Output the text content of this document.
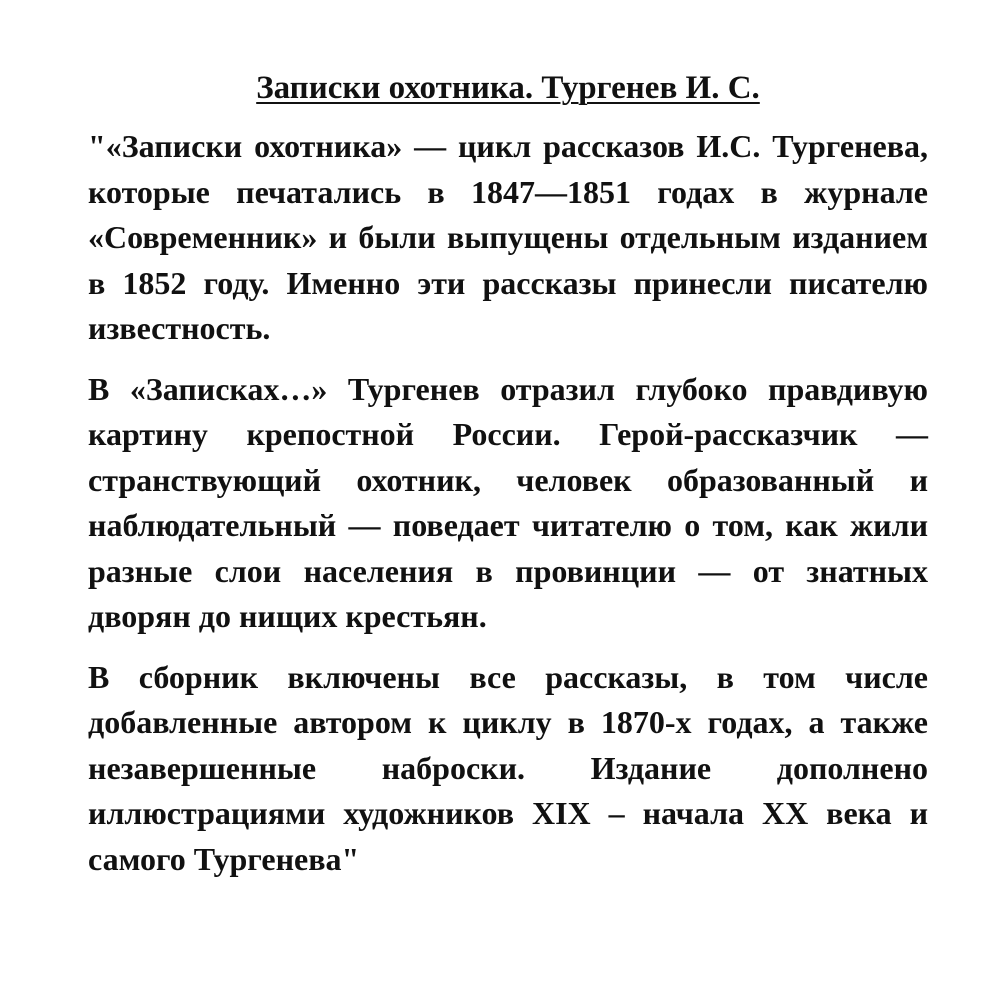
Записки охотника. Тургенев И. С.

"«Записки охотника» — цикл рассказов И.С. Тургенева, которые печатались в 1847—1851 годах в журнале «Современник» и были выпущены отдельным изданием в 1852 году. Именно эти рассказы принесли писателю известность.

В «Записках…» Тургенев отразил глубоко правдивую картину крепостной России. Герой-рассказчик — странствующий охотник, человек образованный и наблюдательный — поведает читателю о том, как жили разные слои населения в провинции — от знатных дворян до нищих крестьян.

В сборник включены все рассказы, в том числе добавленные автором к циклу в 1870-х годах, а также незавершенные наброски. Издание дополнено иллюстрациями художников XIX – начала XX века и самого Тургенева"
